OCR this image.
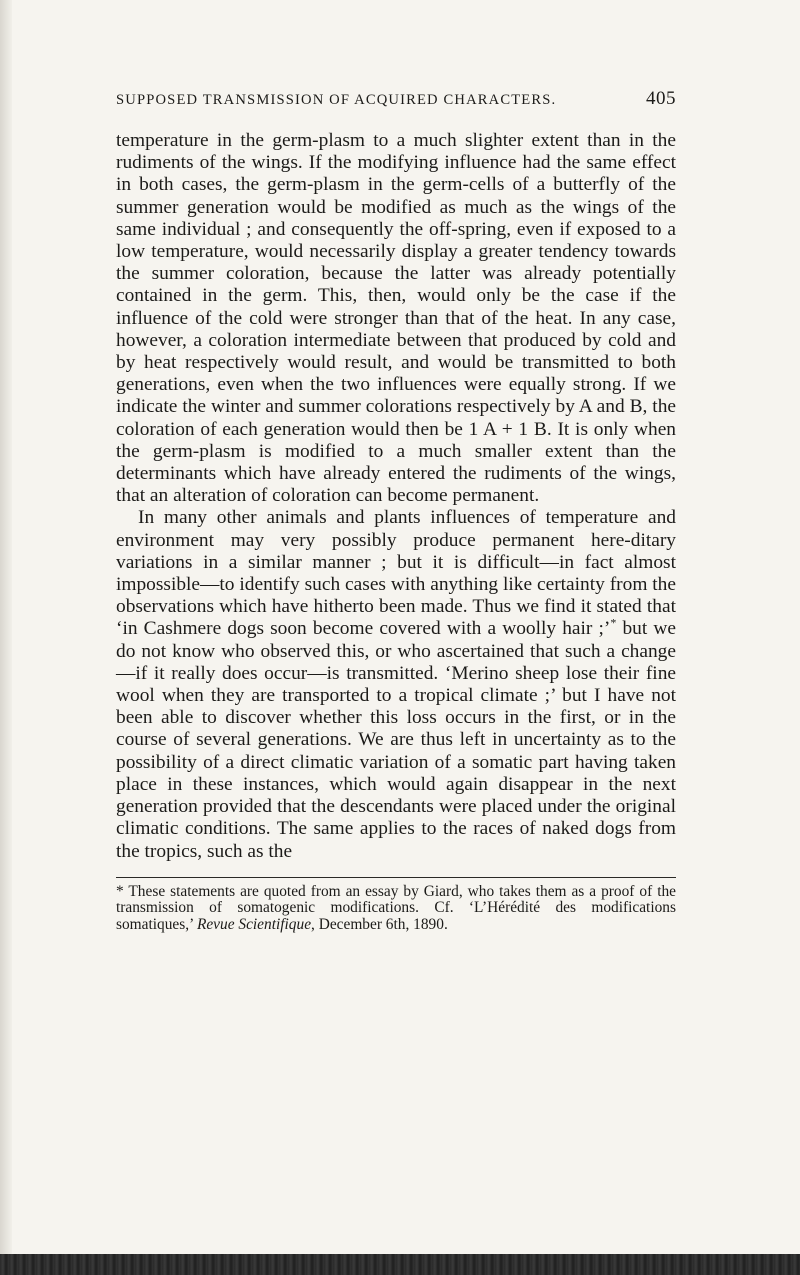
SUPPOSED TRANSMISSION OF ACQUIRED CHARACTERS.	405

temperature in the germ-plasm to a much slighter extent than in the rudiments of the wings. If the modifying influence had the same effect in both cases, the germ-plasm in the germ-cells of a butterfly of the summer generation would be modified as much as the wings of the same individual ; and consequently the off-spring, even if exposed to a low temperature, would necessarily display a greater tendency towards the summer coloration, because the latter was already potentially contained in the germ. This, then, would only be the case if the influence of the cold were stronger than that of the heat. In any case, however, a coloration intermediate between that produced by cold and by heat respectively would result, and would be transmitted to both generations, even when the two influences were equally strong. If we indicate the winter and summer colorations respectively by A and B, the coloration of each generation would then be 1 A + 1 B. It is only when the germ-plasm is modified to a much smaller extent than the determinants which have already entered the rudiments of the wings, that an alteration of coloration can become permanent.

In many other animals and plants influences of temperature and environment may very possibly produce permanent here-ditary variations in a similar manner ; but it is difficult—in fact almost impossible—to identify such cases with anything like certainty from the observations which have hitherto been made. Thus we find it stated that ‘in Cashmere dogs soon become covered with a woolly hair ;’* but we do not know who observed this, or who ascertained that such a change—if it really does occur—is transmitted. ‘Merino sheep lose their fine wool when they are transported to a tropical climate ;’ but I have not been able to discover whether this loss occurs in the first, or in the course of several generations. We are thus left in uncertainty as to the possibility of a direct climatic variation of a somatic part having taken place in these instances, which would again disappear in the next generation provided that the descendants were placed under the original climatic conditions. The same applies to the races of naked dogs from the tropics, such as the

* These statements are quoted from an essay by Giard, who takes them as a proof of the transmission of somatogenic modifications. Cf. ‘L’Hérédité des modifications somatiques,’ Revue Scientifique, December 6th, 1890.
